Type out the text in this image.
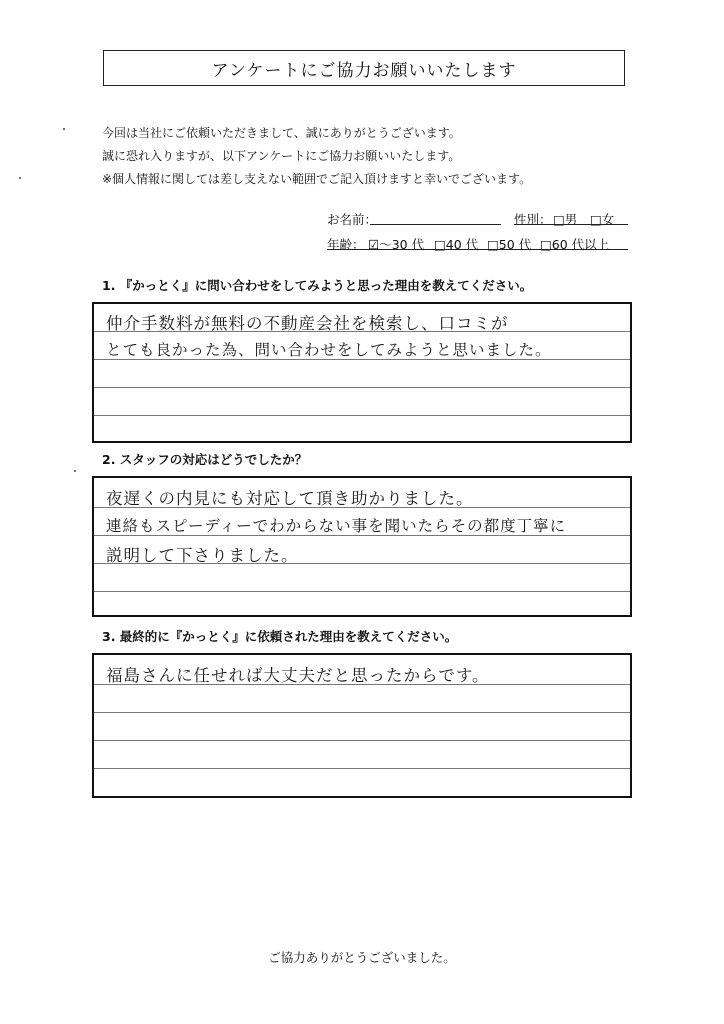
アンケートにご協力お願いいたします
今回は当社にご依頼いただきまして、誠にありがとうございます。
誠に恐れ入りますが、以下アンケートにご協力お願いいたします。
※個人情報に関しては差し支えない範囲でご記入頂けますと幸いでございます。
お名前：	性別： □男 □女
年齢： ☑～30 代 □40 代 □50 代 □60 代以上
1. 『かっとく』に問い合わせをしてみようと思った理由を教えてください。
仲介手数料が無料の不動産会社を検索し、口コミが
とても良かった為、問い合わせをしてみようと思いました。
2. スタッフの対応はどうでしたか？
夜遅くの内見にも対応して頂き助かりました。
連絡もスピーディーでわからない事を聞いたらその都度丁寧に
説明して下さりました。
3. 最終的に『かっとく』に依頼された理由を教えてください。
福島さんに任せれば大丈夫だと思ったからです。
ご協力ありがとうございました。
